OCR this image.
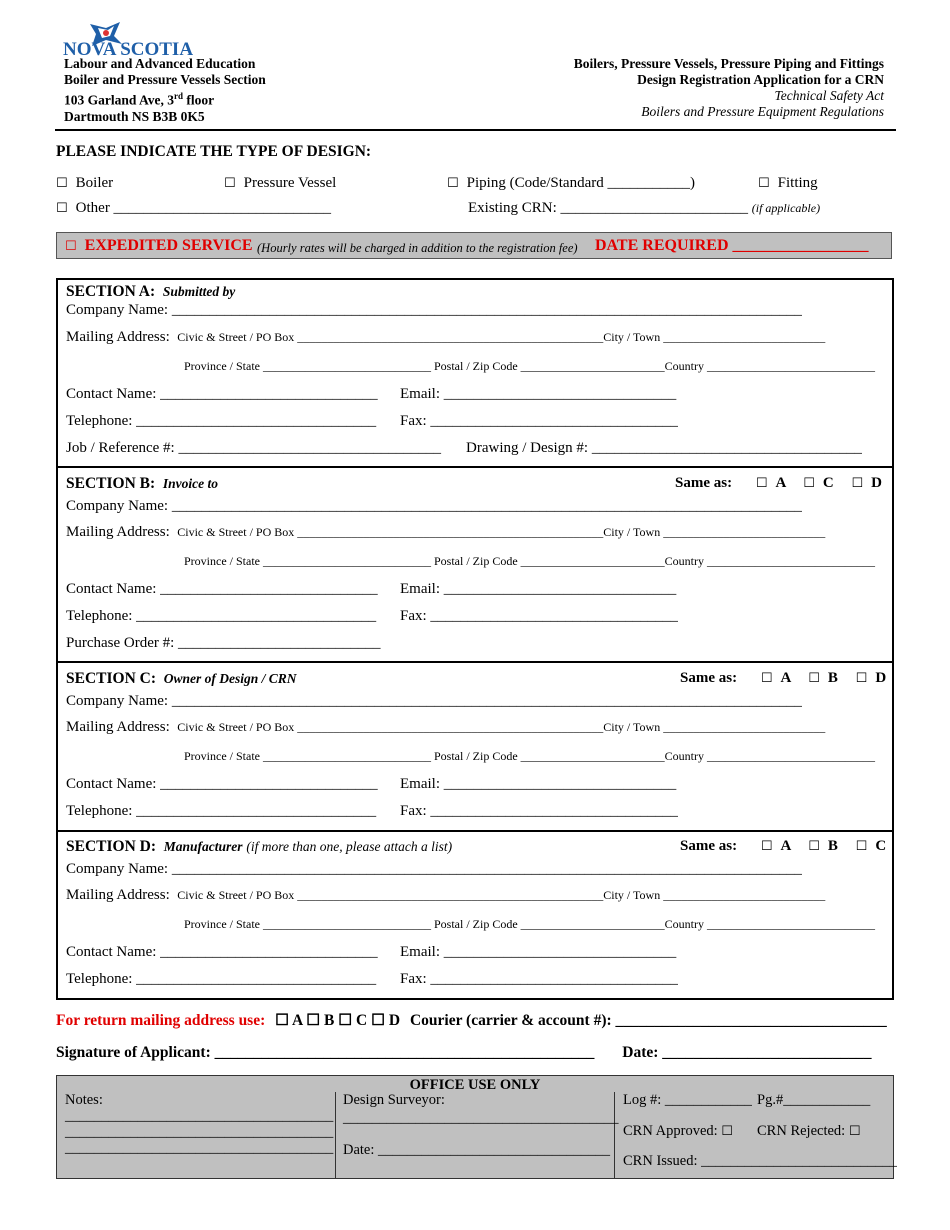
NOVA SCOTIA
Labour and Advanced Education
Boiler and Pressure Vessels Section
103 Garland Ave, 3rd floor
Dartmouth NS B3B 0K5
Boilers, Pressure Vessels, Pressure Piping and Fittings
Design Registration Application for a CRN
Technical Safety Act
Boilers and Pressure Equipment Regulations
PLEASE INDICATE THE TYPE OF DESIGN:
☐ Boiler	☐ Pressure Vessel	☐ Piping (Code/Standard ___________)	☐ Fitting
☐ Other _____________________________	Existing CRN: _________________________ (if applicable)
☐ EXPEDITED SERVICE (Hourly rates will be charged in addition to the registration fee) DATE REQUIRED _________________
SECTION A: Submitted by
Company Name: ____________________________________________________________________________________
Mailing Address: Civic & Street / PO Box ___________________________________________________City / Town ___________________________
Province / State ____________________________ Postal / Zip Code ________________________Country ____________________________
Contact Name: _____________________________ Email: _______________________________
Telephone: ________________________________ Fax: _________________________________
Job / Reference #: ___________________________________ Drawing / Design #: ____________________________________
SECTION B: Invoice to	Same as: ☐ A ☐ C ☐ D
Company Name: ____________________________________________________________________________________
Mailing Address: Civic & Street / PO Box ___________________________________________________City / Town ___________________________
Province / State ____________________________ Postal / Zip Code ________________________Country ____________________________
Contact Name: _____________________________ Email: _______________________________
Telephone: ________________________________ Fax: _________________________________
Purchase Order #: ___________________________
SECTION C: Owner of Design / CRN	Same as: ☐ A ☐ B ☐ D
Company Name: ____________________________________________________________________________________
Mailing Address: Civic & Street / PO Box ___________________________________________________City / Town ___________________________
Province / State ____________________________ Postal / Zip Code ________________________Country ____________________________
Contact Name: _____________________________ Email: _______________________________
Telephone: ________________________________ Fax: _________________________________
SECTION D: Manufacturer (if more than one, please attach a list)	Same as: ☐ A ☐ B ☐ C
Company Name: ____________________________________________________________________________________
Mailing Address: Civic & Street / PO Box ___________________________________________________City / Town ___________________________
Province / State ____________________________ Postal / Zip Code ________________________Country ____________________________
Contact Name: _____________________________ Email: _______________________________
Telephone: ________________________________ Fax: _________________________________
For return mailing address use: ☐ A ☐ B ☐ C ☐ D Courier (carrier & account #): ___________________________________
Signature of Applicant: _________________________________________________ Date: ___________________________
OFFICE USE ONLY
Notes:
_____________________________________
_____________________________________
_____________________________________
Design Surveyor:
______________________________________
Date: ________________________________
Log #: ____________ Pg.#____________
CRN Approved: ☐	CRN Rejected: ☐
CRN Issued: ___________________________
